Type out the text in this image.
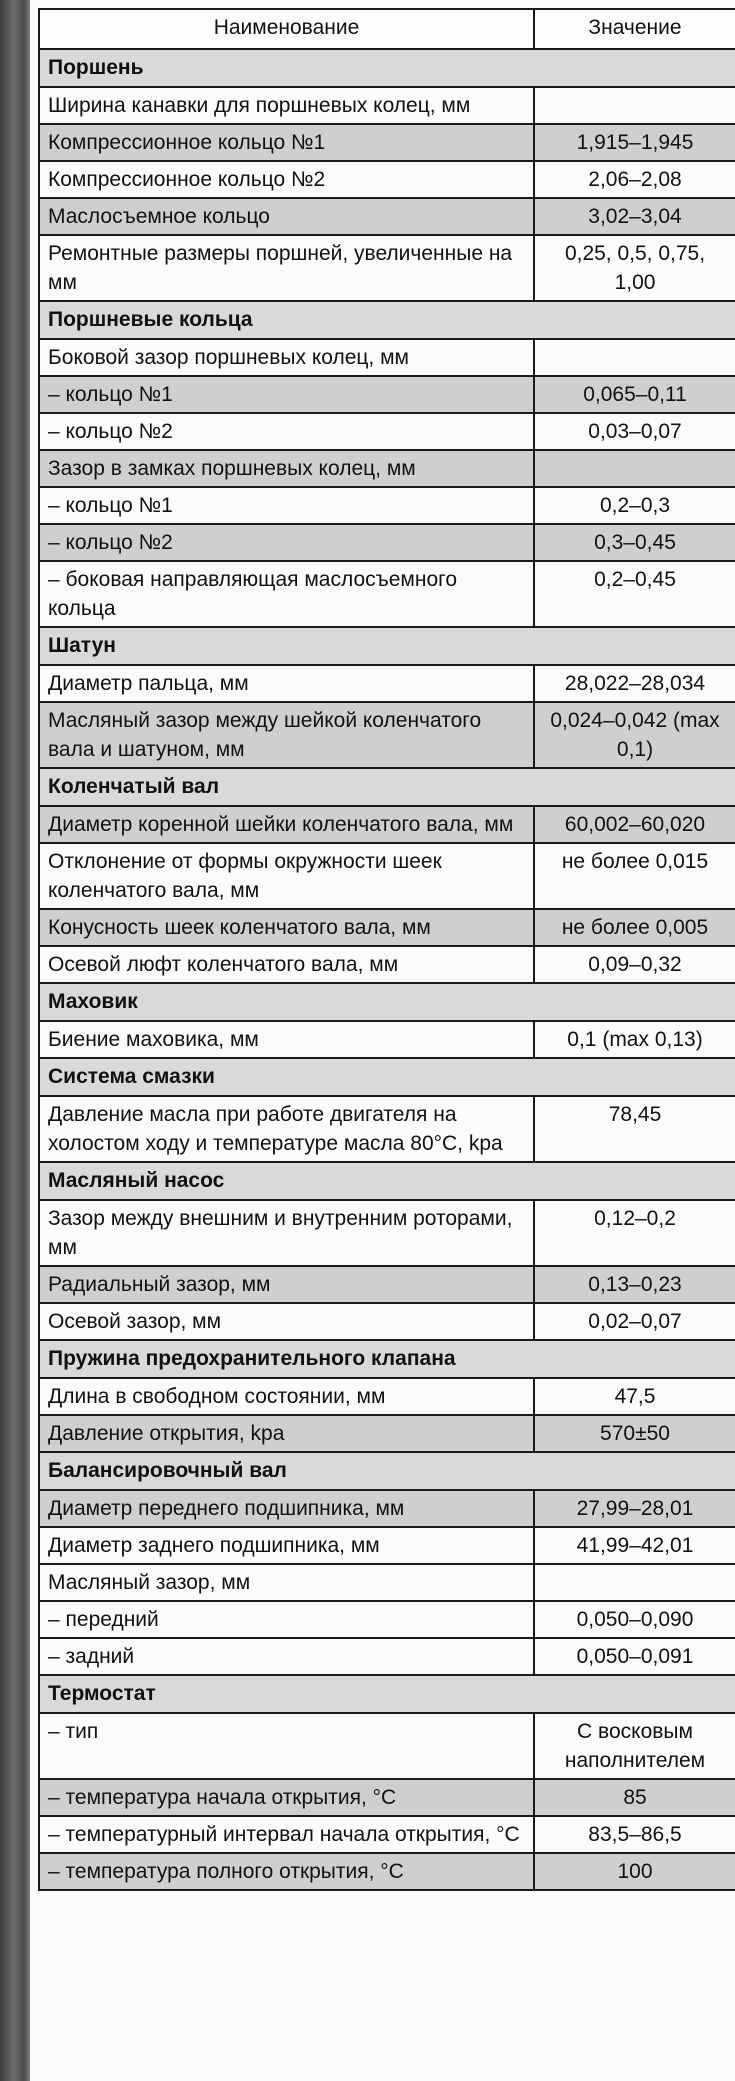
Наименование	Значение
Поршень	
Ширина канавки для поршневых колец, мм	
Компрессионное кольцо №1	1,915–1,945
Компрессионное кольцо №2	2,06–2,08
Маслосъемное кольцо	3,02–3,04
Ремонтные размеры поршней, увеличенные на мм	0,25, 0,5, 0,75, 1,00
Поршневые кольца	
Боковой зазор поршневых колец, мм	
– кольцо №1	0,065–0,11
– кольцо №2	0,03–0,07
Зазор в замках поршневых колец, мм	
– кольцо №1	0,2–0,3
– кольцо №2	0,3–0,45
– боковая направляющая маслосъемного кольца	0,2–0,45
Шатун	
Диаметр пальца, мм	28,022–28,034
Масляный зазор между шейкой коленчатого вала и шатуном, мм	0,024–0,042 (max 0,1)
Коленчатый вал	
Диаметр коренной шейки коленчатого вала, мм	60,002–60,020
Отклонение от формы окружности шеек коленчатого вала, мм	не более 0,015
Конусность шеек коленчатого вала, мм	не более 0,005
Осевой люфт коленчатого вала, мм	0,09–0,32
Маховик	
Биение маховика, мм	0,1 (max 0,13)
Система смазки	
Давление масла при работе двигателя на холостом ходу и температуре масла 80°C, kpa	78,45
Масляный насос	
Зазор между внешним и внутренним роторами, мм	0,12–0,2
Радиальный зазор, мм	0,13–0,23
Осевой зазор, мм	0,02–0,07
Пружина предохранительного клапана	
Длина в свободном состоянии, мм	47,5
Давление открытия, kpa	570±50
Балансировочный вал	
Диаметр переднего подшипника, мм	27,99–28,01
Диаметр заднего подшипника, мм	41,99–42,01
Масляный зазор, мм	
– передний	0,050–0,090
– задний	0,050–0,091
Термостат	
– тип	С восковым наполнителем
– температура начала открытия, °С	85
– температурный интервал начала открытия, °С	83,5–86,5
– температура полного открытия, °С	100
